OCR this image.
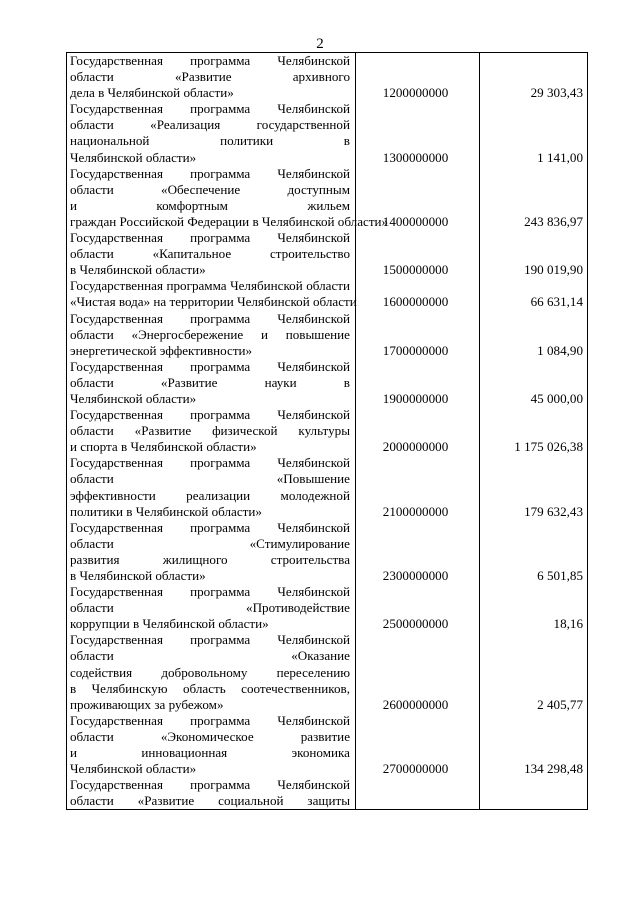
2
Государственная программа Челябинской
области «Развитие архивного
дела в Челябинской области»	1200000000	29 303,43

Государственная программа Челябинской
области «Реализация государственной
национальной политики в
Челябинской области»	1300000000	1 141,00

Государственная программа Челябинской
области «Обеспечение доступным
и комфортным жильем
граждан Российской Федерации в Челябинской области»	1400000000	243 836,97

Государственная программа Челябинской
области «Капитальное строительство
в Челябинской области»	1500000000	190 019,90

Государственная программа Челябинской области
«Чистая вода» на территории Челябинской области	1600000000	66 631,14

Государственная программа Челябинской
области «Энергосбережение и повышение
энергетической эффективности»	1700000000	1 084,90

Государственная программа Челябинской
области «Развитие науки в
Челябинской области»	1900000000	45 000,00

Государственная программа Челябинской
области «Развитие физической культуры
и спорта в Челябинской области»	2000000000	1 175 026,38

Государственная программа Челябинской
области «Повышение
эффективности реализации молодежной
политики в Челябинской области»	2100000000	179 632,43

Государственная программа Челябинской
области «Стимулирование
развития жилищного строительства
в Челябинской области»	2300000000	6 501,85

Государственная программа Челябинской
области «Противодействие
коррупции в Челябинской области»	2500000000	18,16

Государственная программа Челябинской
области «Оказание
содействия добровольному переселению
в Челябинскую область соотечественников,
проживающих за рубежом»	2600000000	2 405,77

Государственная программа Челябинской
области «Экономическое развитие
и инновационная экономика
Челябинской области»	2700000000	134 298,48

Государственная программа Челябинской
области «Развитие социальной защиты		
